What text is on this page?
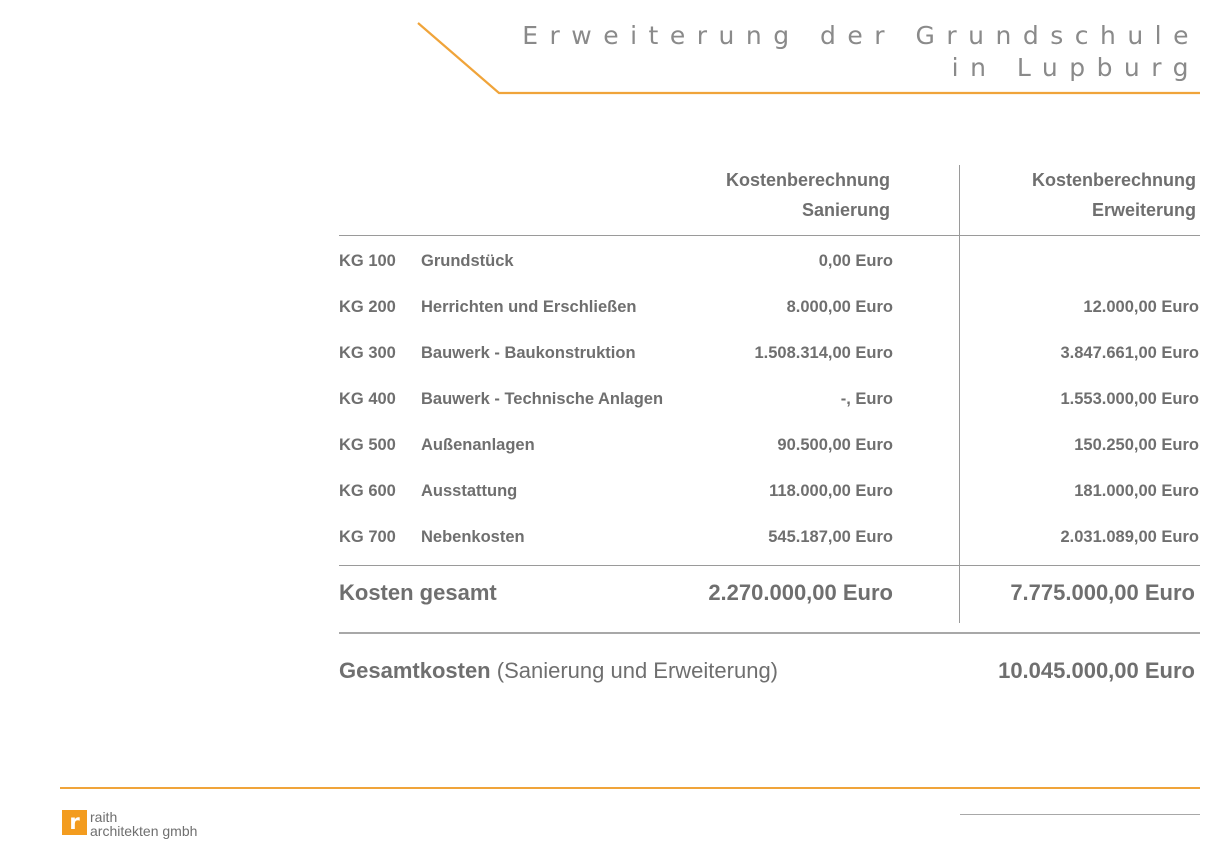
Erweiterung der Grundschule
in Lupburg
Kostenberechnung
Sanierung
Kostenberechnung
Erweiterung
KG 100 Grundstück	0,00 Euro
KG 200 Herrichten und Erschließen	8.000,00 Euro	12.000,00 Euro
KG 300 Bauwerk - Baukonstruktion	1.508.314,00 Euro	3.847.661,00 Euro
KG 400 Bauwerk - Technische Anlagen	-, Euro	1.553.000,00 Euro
KG 500 Außenanlagen	90.500,00 Euro	150.250,00 Euro
KG 600 Ausstattung	118.000,00 Euro	181.000,00 Euro
KG 700 Nebenkosten	545.187,00 Euro	2.031.089,00 Euro
Kosten gesamt	2.270.000,00 Euro	7.775.000,00 Euro
Gesamtkosten (Sanierung und Erweiterung)	10.045.000,00 Euro
r raith
architekten gmbh
